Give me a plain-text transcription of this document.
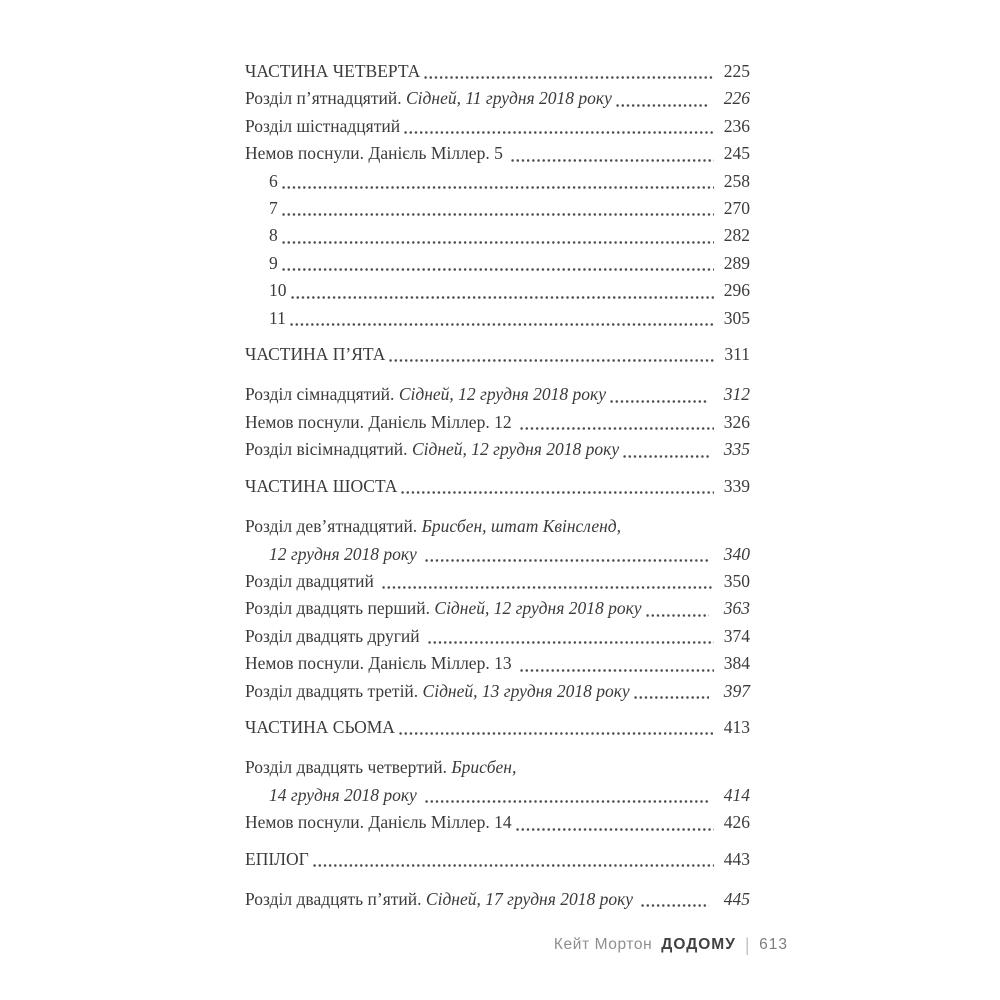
ЧАСТИНА ЧЕТВЕРТА	225
Розділ п’ятнадцятий. Сідней, 11 грудня 2018 року	226
Розділ шістнадцятий	236
Немов поснули. Данієль Міллер. 5	245
6	258
7	270
8	282
9	289
10	296
11	305
ЧАСТИНА П’ЯТА	311
Розділ сімнадцятий. Сідней, 12 грудня 2018 року	312
Немов поснули. Данієль Міллер. 12	326
Розділ вісімнадцятий. Сідней, 12 грудня 2018 року	335
ЧАСТИНА ШОСТА	339
Розділ дев’ятнадцятий. Брисбен, штат Квінсленд,
12 грудня 2018 року	340
Розділ двадцятий	350
Розділ двадцять перший. Сідней, 12 грудня 2018 року	363
Розділ двадцять другий	374
Немов поснули. Данієль Міллер. 13	384
Розділ двадцять третій. Сідней, 13 грудня 2018 року	397
ЧАСТИНА СЬОМА	413
Розділ двадцять четвертий. Брисбен,
14 грудня 2018 року	414
Немов поснули. Данієль Міллер. 14	426
ЕПІЛОГ	443
Розділ двадцять п’ятий. Сідней, 17 грудня 2018 року	445
Кейт Мортон ДОДОМУ | 613
